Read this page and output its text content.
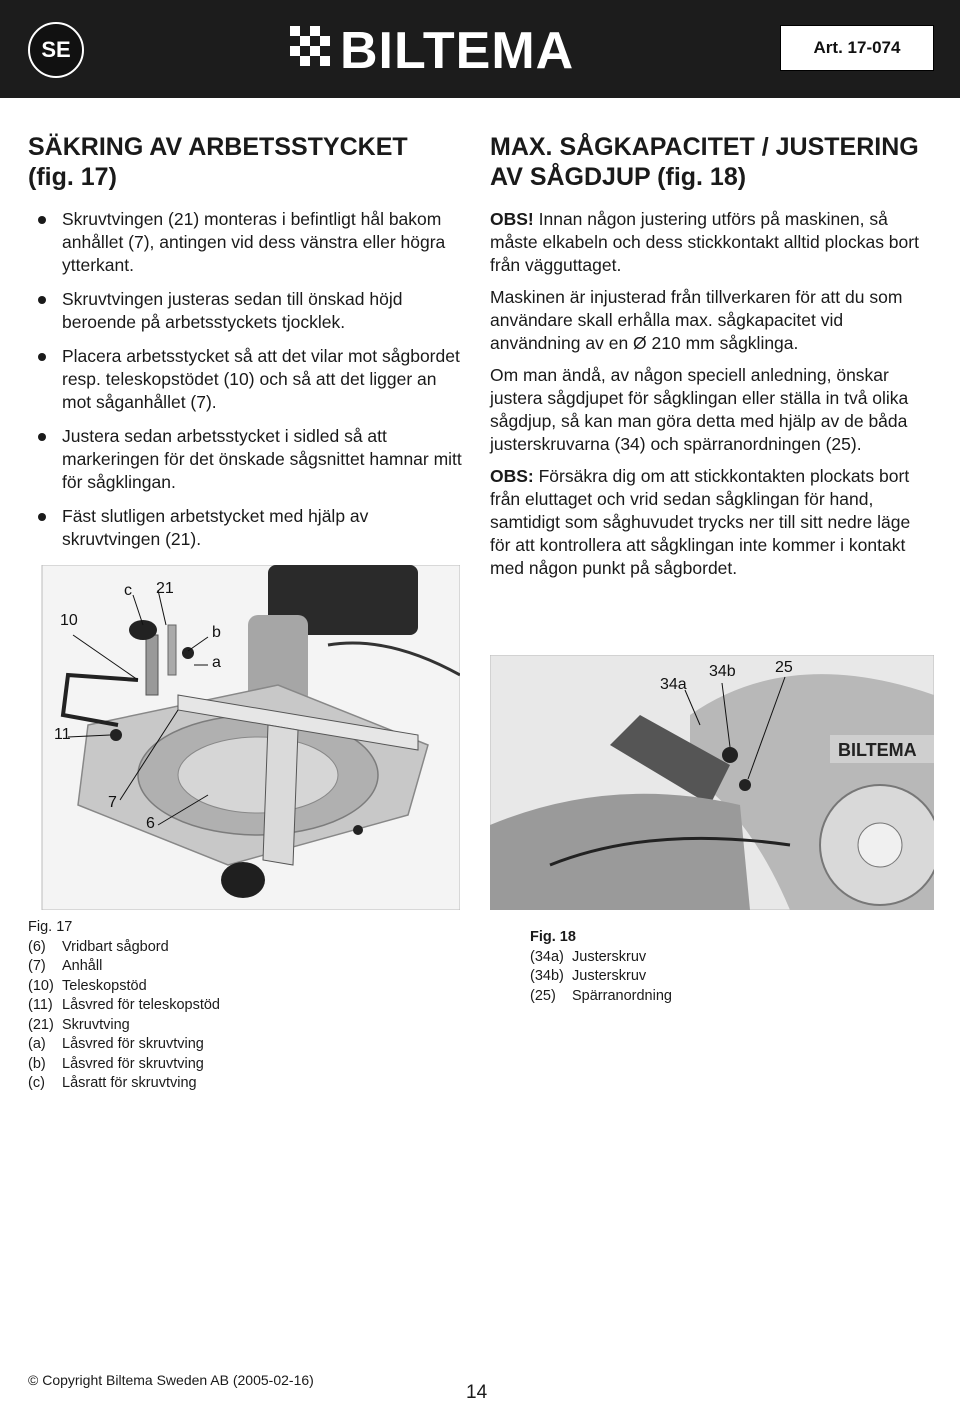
SE	BILTEMA	Art. 17-074
SÄKRING AV ARBETSSTYCKET
(fig. 17)
Skruvtvingen (21) monteras i befintligt hål bakom anhållet (7), antingen vid dess vänstra eller högra ytterkant.
Skruvtvingen justeras sedan till önskad höjd beroende på arbetsstyckets tjocklek.
Placera arbetsstycket så att det vilar mot sågbordet resp. teleskopstödet (10) och så att det ligger an mot såganhållet (7).
Justera sedan arbetsstycket i sidled så att markeringen för det önskade sågsnittet hamnar mitt för sågklingan.
Fäst slutligen arbetstycket med hjälp av skruvtvingen (21).
MAX. SÅGKAPACITET / JUSTERING
AV SÅGDJUP (fig. 18)

OBS! Innan någon justering utförs på maskinen, så måste elkabeln och dess stickkontakt alltid plockas bort från vägguttaget.

Maskinen är injusterad från tillverkaren för att du som användare skall erhålla max. sågkapacitet vid användning av en Ø 210 mm sågklinga.

Om man ändå, av någon speciell anledning, önskar justera sågdjupet för sågklingan eller ställa in två olika sågdjup, så kan man göra detta med hjälp av de båda justerskruvarna (34) och spärranordningen (25).

OBS: Försäkra dig om att stickkontakten plockats bort från eluttaget och vrid sedan sågklingan för hand, samtidigt som såghuvudet trycks ner till sitt nedre läge för att kontrollera att sågklingan inte kommer i kontakt med någon punkt på sågbordet.

c 21
10
b
a
11
7
6
BILTEMA
34a
34b 25
Fig. 17
(6) Vridbart sågbord
(7) Anhåll
(10) Teleskopstöd
(11) Låsvred för teleskopstöd
(21) Skruvtving
(a) Låsvred för skruvtving
(b) Låsvred för skruvtving
(c) Låsratt för skruvtving
Fig. 18
(34a) Justerskruv
(34b) Justerskruv
(25) Spärranordning
© Copyright Biltema Sweden AB (2005-02-16)
14
